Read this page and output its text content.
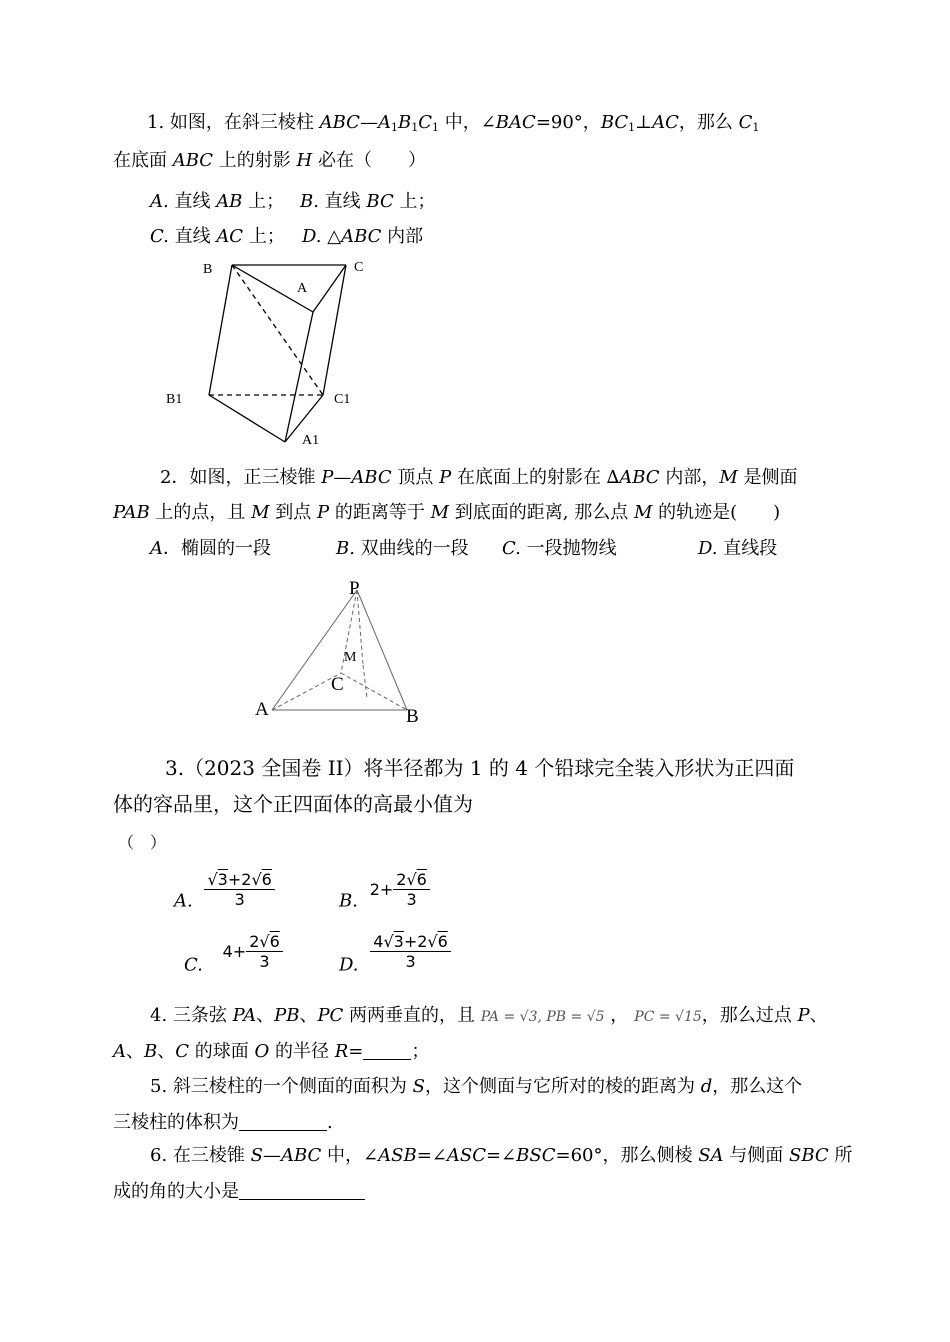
1. 如图，在斜三棱柱 $ABC—A_1B_1C_1$ 中，∠BAC=90°，$BC_1\perp AC$，那么 $C_1$
在底面 ABC 上的射影 H 必在（　　）
A. 直线 AB 上； B. 直线 BC 上；
C. 直线 AC 上； D. △ABC 内部
B	C
A
B1	C1
A1
2．如图，正三棱锥 P—ABC 顶点 P 在底面上的射影在 ∆ABC 内部，M 是侧面
PAB 上的点，且 M 到点 P 的距离等于 M 到底面的距离, 那么点 M 的轨迹是(　　)
A．椭圆的一段	B. 双曲线的一段 C. 一段抛物线	D. 直线段
P
M
C
A	B
3.（2023 全国卷 II）将半径都为 1 的 4 个铅球完全装入形状为正四面
体的容品里，这个正四面体的高最小值为
（　）
A. $\frac{√3+2√6}{3}$	B. $2+ \frac{2√6}{3}$
C. $4+ \frac{2√6}{3}$	D. $\frac{4√3+2√6}{3}$
4. 三条弦 PA、PB、PC 两两垂直的，且 PA = √3, PB = √5 ， PC = √15，那么过点 P、
A、B、C 的球面 O 的半径 R=	；
5. 斜三棱柱的一个侧面的面积为 S，这个侧面与它所对的棱的距离为 d，那么这个
三棱柱的体积为	.
6. 在三棱锥 S—ABC 中，∠ASB=∠ASC=∠BSC=60°，那么侧棱 SA 与侧面 SBC 所
成的角的大小是
